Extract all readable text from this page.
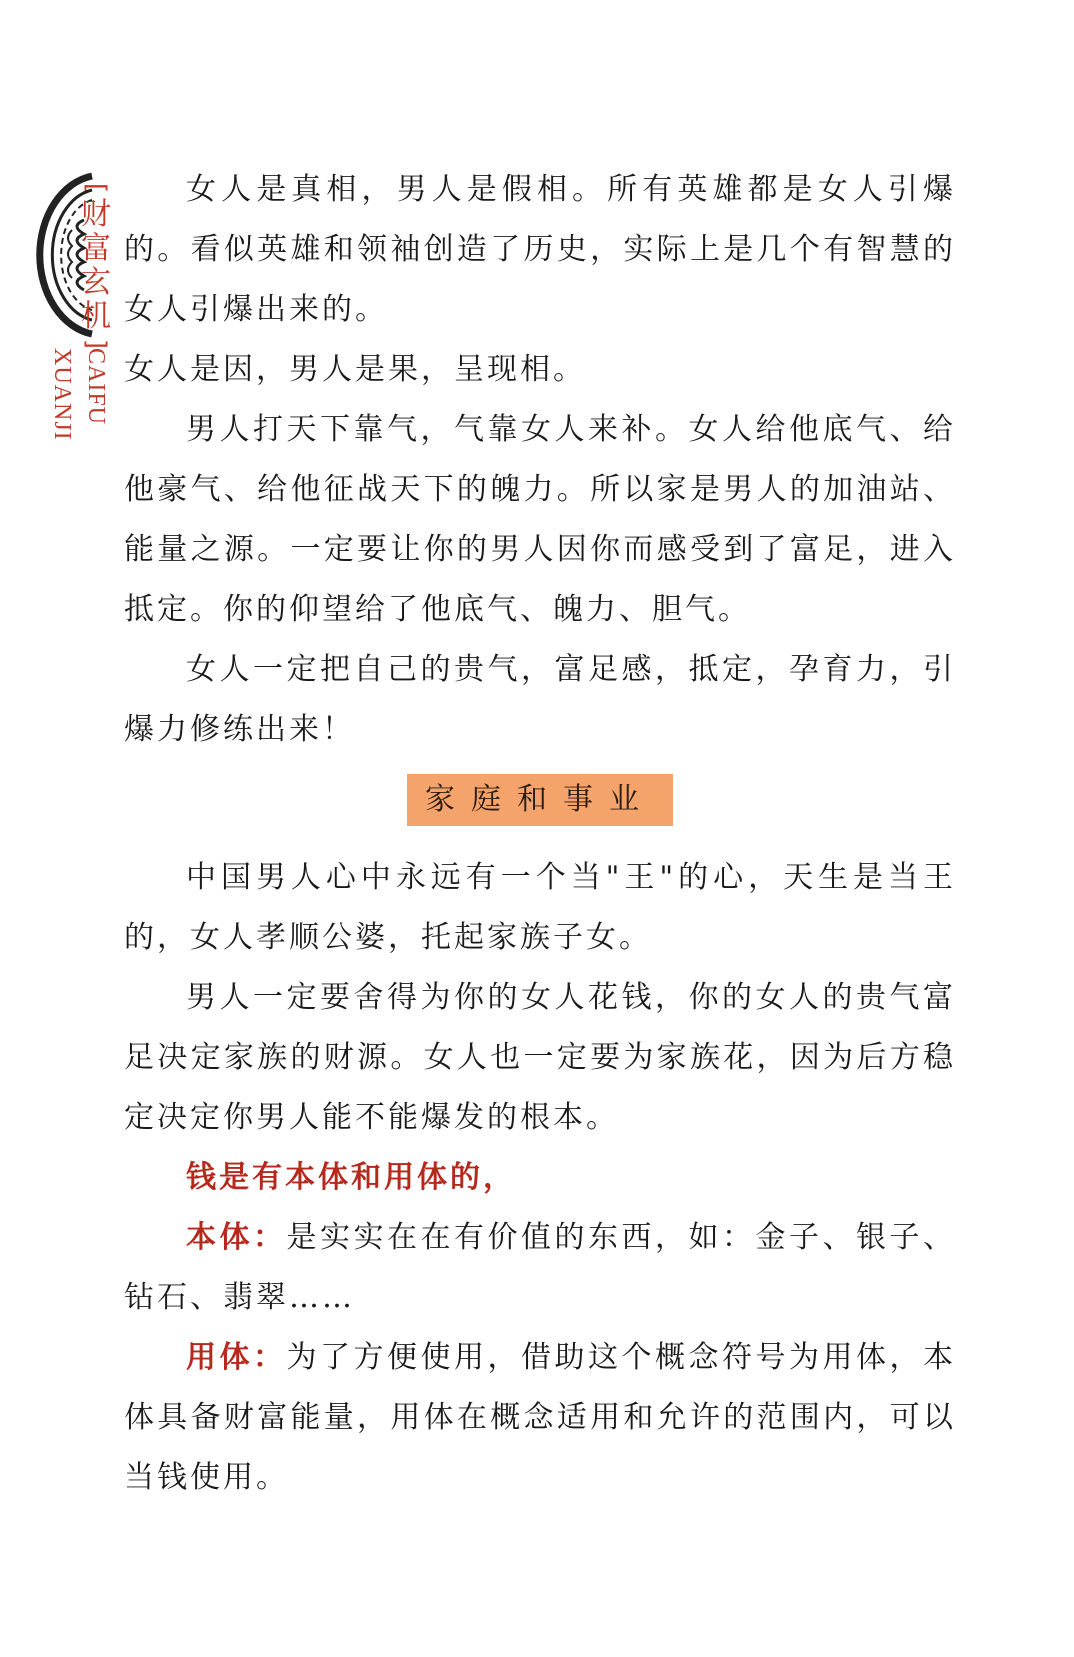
[
财
富
玄
机
]
CAIFU
XUANJI

女人是真相，男人是假相。所有英雄都是女人引爆的。看似英雄和领袖创造了历史，实际上是几个有智慧的女人引爆出来的。

女人是因，男人是果，呈现相。

男人打天下靠气，气靠女人来补。女人给他底气、给他豪气、给他征战天下的魄力。所以家是男人的加油站、能量之源。一定要让你的男人因你而感受到了富足，进入抵定。你的仰望给了他底气、魄力、胆气。

女人一定把自己的贵气，富足感，抵定，孕育力，引爆力修练出来！

家庭和事业

中国男人心中永远有一个当"王"的心，天生是当王的，女人孝顺公婆，托起家族子女。

男人一定要舍得为你的女人花钱，你的女人的贵气富足决定家族的财源。女人也一定要为家族花，因为后方稳定决定你男人能不能爆发的根本。

钱是有本体和用体的，

本体：是实实在在有价值的东西，如：金子、银子、钻石、翡翠……

用体：为了方便使用，借助这个概念符号为用体，本体具备财富能量，用体在概念适用和允许的范围内，可以当钱使用。
